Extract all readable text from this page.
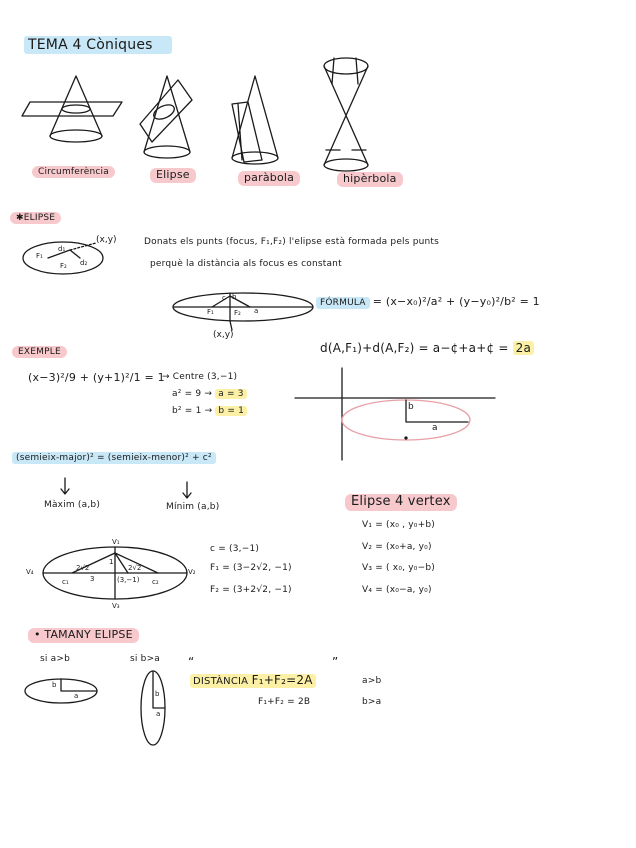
TEMA 4 Còniques
Circumferència	Elipse	paràbola	hipèrbola
✱ELIPSE
d₁
d₂
F₁
F₂
(x,y)	Donats els punts (focus, F₁,F₂) l'elipse està formada pels punts
perquè la distància als focus es constant
c b
F₁	F₂ a
(x,y)
FÓRMULA = (x−x₀)²/a² + (y−y₀)²/b² = 1
d(A,F₁)+d(A,F₂) = a−¢+a+¢ = 2a
EXEMPLE
(x−3)²/9 + (y+1)²/1 = 1
→ Centre (3,−1)
a² = 9 → a = 3
b² = 1 → b = 1	b
a
(semieix-major)² = (semieix-menor)² + c²
Màxim (a,b)	Mínim (a,b)
V₁
V₃
V₄	V₂
c₁	c₂
(3,−1)
2√2	2√2
3
1
c = (3,−1)
F₁ = (3−2√2, −1)
F₂ = (3+2√2, −1)
Elipse 4 vertex
V₁ = (x₀ , y₀+b)
V₂ = (x₀+a, y₀)
V₃ = ( x₀, y₀−b)
V₄ = (x₀−a, y₀)
• TAMANY ELIPSE
si a>b	si b>a
b
a	b
a
“
DISTÀNCIA F₁+F₂=2A
”
a>b
F₁+F₂ = 2B	b>a
